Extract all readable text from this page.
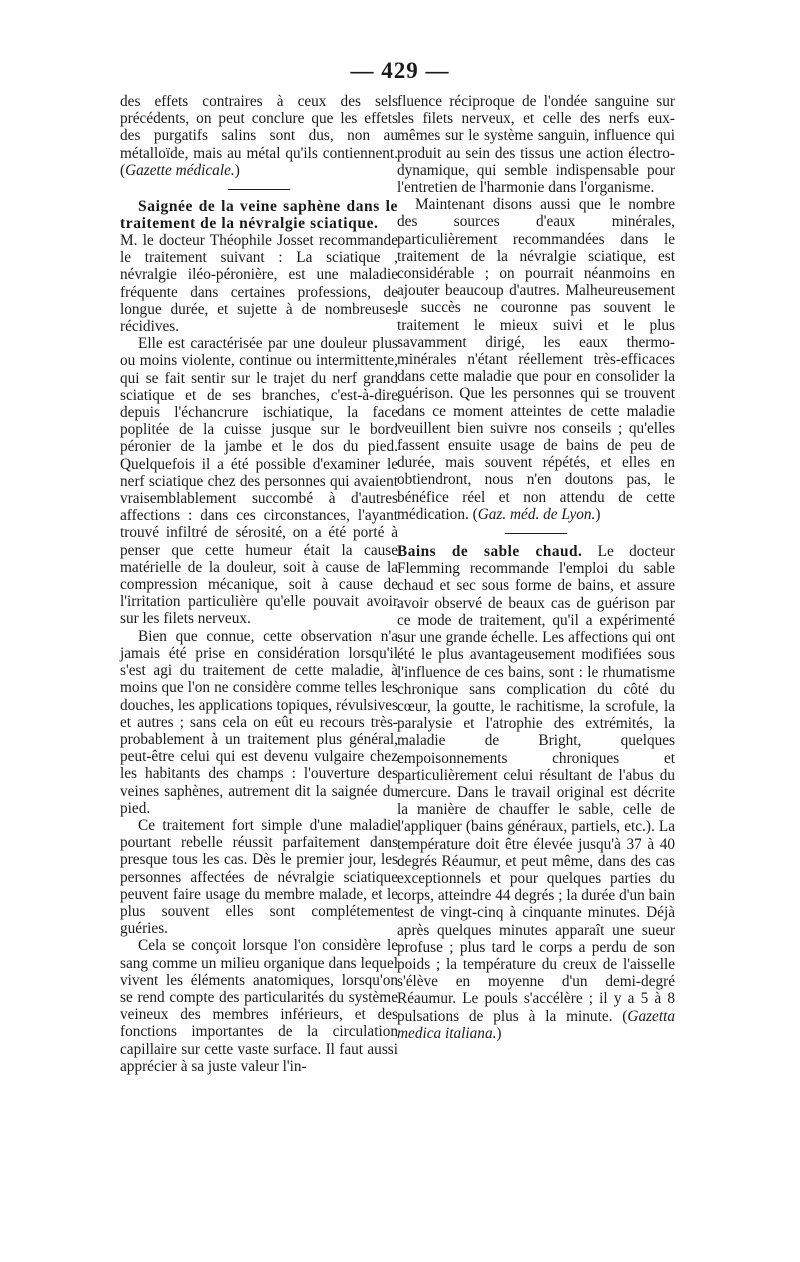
— 429 —

des effets contraires à ceux des sels précédents, on peut conclure que les effets des purgatifs salins sont dus, non au métalloïde, mais au métal qu'ils contiennent. (Gazette médicale.)

Saignée de la veine saphène dans le traitement de la névralgie sciatique.

M. le docteur Théophile Josset recommande le traitement suivant : La sciatique , névralgie iléo-péronière, est une maladie fréquente dans certaines professions, de longue durée, et sujette à de nombreuses récidives.

Elle est caractérisée par une douleur plus ou moins violente, continue ou intermittente, qui se fait sentir sur le trajet du nerf grand sciatique et de ses branches, c'est-à-dire depuis l'échancrure ischiatique, la face poplitée de la cuisse jusque sur le bord péronier de la jambe et le dos du pied. Quelquefois il a été possible d'examiner le nerf sciatique chez des personnes qui avaient vraisemblablement succombé à d'autres affections : dans ces circonstances, l'ayant trouvé infiltré de sérosité, on a été porté à penser que cette humeur était la cause matérielle de la douleur, soit à cause de la compression mécanique, soit à cause de l'irritation particulière qu'elle pouvait avoir sur les filets nerveux.

Bien que connue, cette observation n'a jamais été prise en considération lorsqu'il s'est agi du traitement de cette maladie, à moins que l'on ne considère comme telles les douches, les applications topiques, révulsives et autres ; sans cela on eût eu recours très-probablement à un traitement plus général, peut-être celui qui est devenu vulgaire chez les habitants des champs : l'ouverture des veines saphènes, autrement dit la saignée du pied.

Ce traitement fort simple d'une maladie pourtant rebelle réussit parfaitement dans presque tous les cas. Dès le premier jour, les personnes affectées de névralgie sciatique peuvent faire usage du membre malade, et le plus souvent elles sont complétement guéries.

Cela se conçoit lorsque l'on considère le sang comme un milieu organique dans lequel vivent les éléments anatomiques, lorsqu'on se rend compte des particularités du système veineux des membres inférieurs, et des fonctions importantes de la circulation capillaire sur cette vaste surface. Il faut aussi apprécier à sa juste valeur l'in-

fluence réciproque de l'ondée sanguine sur les filets nerveux, et celle des nerfs eux-mêmes sur le système sanguin, influence qui produit au sein des tissus une action électro-dynamique, qui semble indispensable pour l'entretien de l'harmonie dans l'organisme.

Maintenant disons aussi que le nombre des sources d'eaux minérales, particulièrement recommandées dans le traitement de la névralgie sciatique, est considérable ; on pourrait néanmoins en ajouter beaucoup d'autres. Malheureusement le succès ne couronne pas souvent le traitement le mieux suivi et le plus savamment dirigé, les eaux thermo-minérales n'étant réellement très-efficaces dans cette maladie que pour en consolider la guérison. Que les personnes qui se trouvent dans ce moment atteintes de cette maladie veuillent bien suivre nos conseils ; qu'elles fassent ensuite usage de bains de peu de durée, mais souvent répétés, et elles en obtiendront, nous n'en doutons pas, le bénéfice réel et non attendu de cette médication. (Gaz. méd. de Lyon.)

Bains de sable chaud. Le docteur Flemming recommande l'emploi du sable chaud et sec sous forme de bains, et assure avoir observé de beaux cas de guérison par ce mode de traitement, qu'il a expérimenté sur une grande échelle. Les affections qui ont été le plus avantageusement modifiées sous l'influence de ces bains, sont : le rhumatisme chronique sans complication du côté du cœur, la goutte, le rachitisme, la scrofule, la paralysie et l'atrophie des extrémités, la maladie de Bright, quelques empoisonnements chroniques et particulièrement celui résultant de l'abus du mercure. Dans le travail original est décrite la manière de chauffer le sable, celle de l'appliquer (bains généraux, partiels, etc.). La température doit être élevée jusqu'à 37 à 40 degrés Réaumur, et peut même, dans des cas exceptionnels et pour quelques parties du corps, atteindre 44 degrés ; la durée d'un bain est de vingt-cinq à cinquante minutes. Déjà après quelques minutes apparaît une sueur profuse ; plus tard le corps a perdu de son poids ; la température du creux de l'aisselle s'élève en moyenne d'un demi-degré Réaumur. Le pouls s'accélère ; il y a 5 à 8 pulsations de plus à la minute. (Gazetta medica italiana.)
